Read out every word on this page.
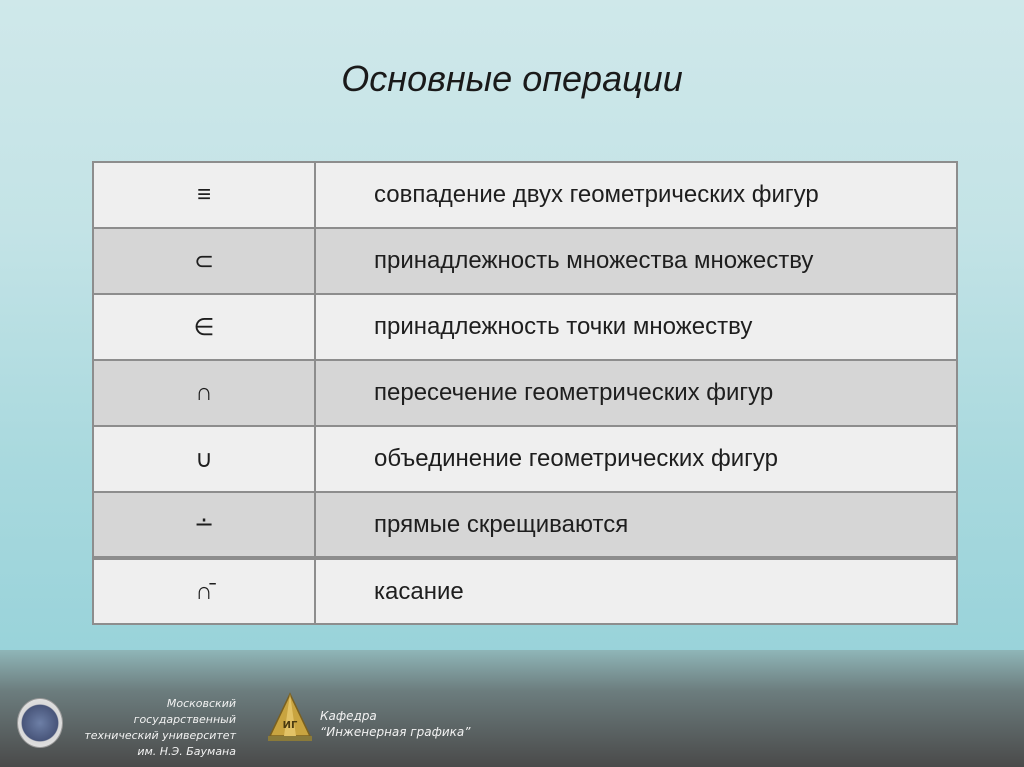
Основные операции
≡	совпадение двух геометрических фигур
⊂	принадлежность множества множеству
∈	принадлежность точки множеству
∩	пересечение геометрических фигур
∪	объединение геометрических фигур
∸	прямые скрещиваются
∩̄	касание
Московский государственный
технический университет
им. Н.Э. Баумана
ИГ
Кафедра
“Инженерная графика”
